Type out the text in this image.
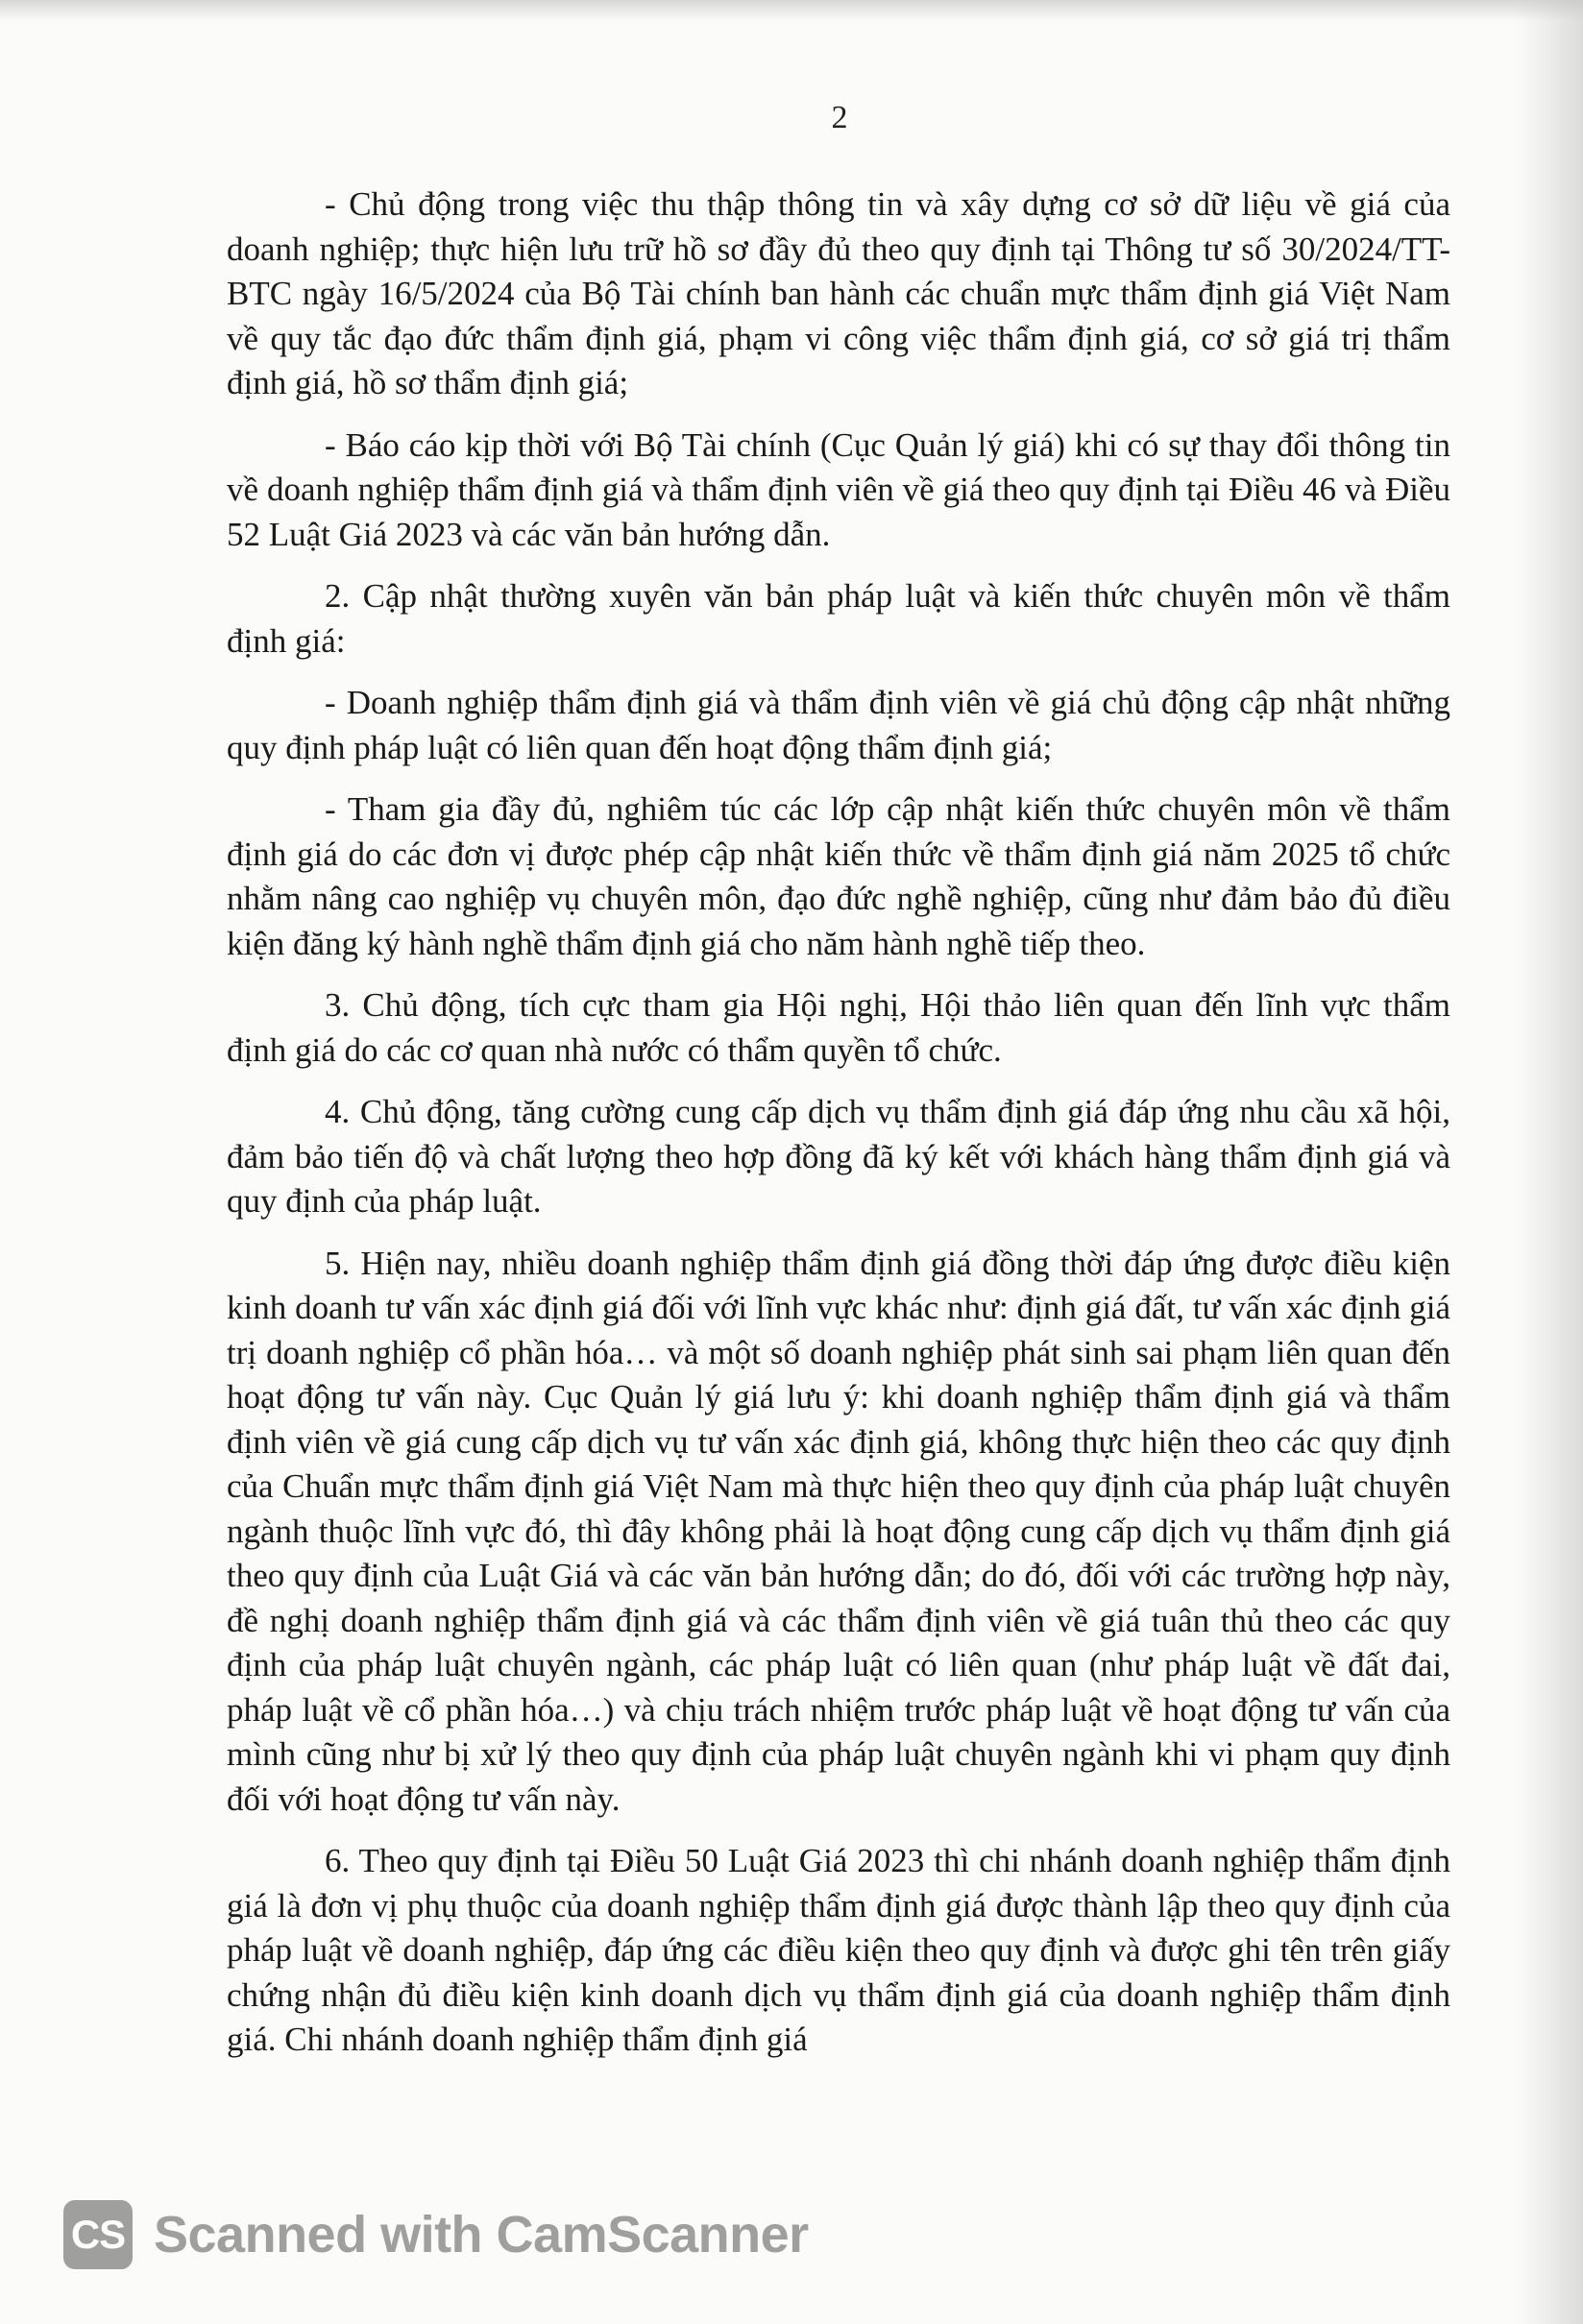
2

- Chủ động trong việc thu thập thông tin và xây dựng cơ sở dữ liệu về giá của doanh nghiệp; thực hiện lưu trữ hồ sơ đầy đủ theo quy định tại Thông tư số 30/2024/TT-BTC ngày 16/5/2024 của Bộ Tài chính ban hành các chuẩn mực thẩm định giá Việt Nam về quy tắc đạo đức thẩm định giá, phạm vi công việc thẩm định giá, cơ sở giá trị thẩm định giá, hồ sơ thẩm định giá;

- Báo cáo kịp thời với Bộ Tài chính (Cục Quản lý giá) khi có sự thay đổi thông tin về doanh nghiệp thẩm định giá và thẩm định viên về giá theo quy định tại Điều 46 và Điều 52 Luật Giá 2023 và các văn bản hướng dẫn.

2. Cập nhật thường xuyên văn bản pháp luật và kiến thức chuyên môn về thẩm định giá:

- Doanh nghiệp thẩm định giá và thẩm định viên về giá chủ động cập nhật những quy định pháp luật có liên quan đến hoạt động thẩm định giá;

- Tham gia đầy đủ, nghiêm túc các lớp cập nhật kiến thức chuyên môn về thẩm định giá do các đơn vị được phép cập nhật kiến thức về thẩm định giá năm 2025 tổ chức nhằm nâng cao nghiệp vụ chuyên môn, đạo đức nghề nghiệp, cũng như đảm bảo đủ điều kiện đăng ký hành nghề thẩm định giá cho năm hành nghề tiếp theo.

3. Chủ động, tích cực tham gia Hội nghị, Hội thảo liên quan đến lĩnh vực thẩm định giá do các cơ quan nhà nước có thẩm quyền tổ chức.

4. Chủ động, tăng cường cung cấp dịch vụ thẩm định giá đáp ứng nhu cầu xã hội, đảm bảo tiến độ và chất lượng theo hợp đồng đã ký kết với khách hàng thẩm định giá và quy định của pháp luật.

5. Hiện nay, nhiều doanh nghiệp thẩm định giá đồng thời đáp ứng được điều kiện kinh doanh tư vấn xác định giá đối với lĩnh vực khác như: định giá đất, tư vấn xác định giá trị doanh nghiệp cổ phần hóa… và một số doanh nghiệp phát sinh sai phạm liên quan đến hoạt động tư vấn này. Cục Quản lý giá lưu ý: khi doanh nghiệp thẩm định giá và thẩm định viên về giá cung cấp dịch vụ tư vấn xác định giá, không thực hiện theo các quy định của Chuẩn mực thẩm định giá Việt Nam mà thực hiện theo quy định của pháp luật chuyên ngành thuộc lĩnh vực đó, thì đây không phải là hoạt động cung cấp dịch vụ thẩm định giá theo quy định của Luật Giá và các văn bản hướng dẫn; do đó, đối với các trường hợp này, đề nghị doanh nghiệp thẩm định giá và các thẩm định viên về giá tuân thủ theo các quy định của pháp luật chuyên ngành, các pháp luật có liên quan (như pháp luật về đất đai, pháp luật về cổ phần hóa…) và chịu trách nhiệm trước pháp luật về hoạt động tư vấn của mình cũng như bị xử lý theo quy định của pháp luật chuyên ngành khi vi phạm quy định đối với hoạt động tư vấn này.

6. Theo quy định tại Điều 50 Luật Giá 2023 thì chi nhánh doanh nghiệp thẩm định giá là đơn vị phụ thuộc của doanh nghiệp thẩm định giá được thành lập theo quy định của pháp luật về doanh nghiệp, đáp ứng các điều kiện theo quy định và được ghi tên trên giấy chứng nhận đủ điều kiện kinh doanh dịch vụ thẩm định giá của doanh nghiệp thẩm định giá. Chi nhánh doanh nghiệp thẩm định giá

CS Scanned with CamScanner
